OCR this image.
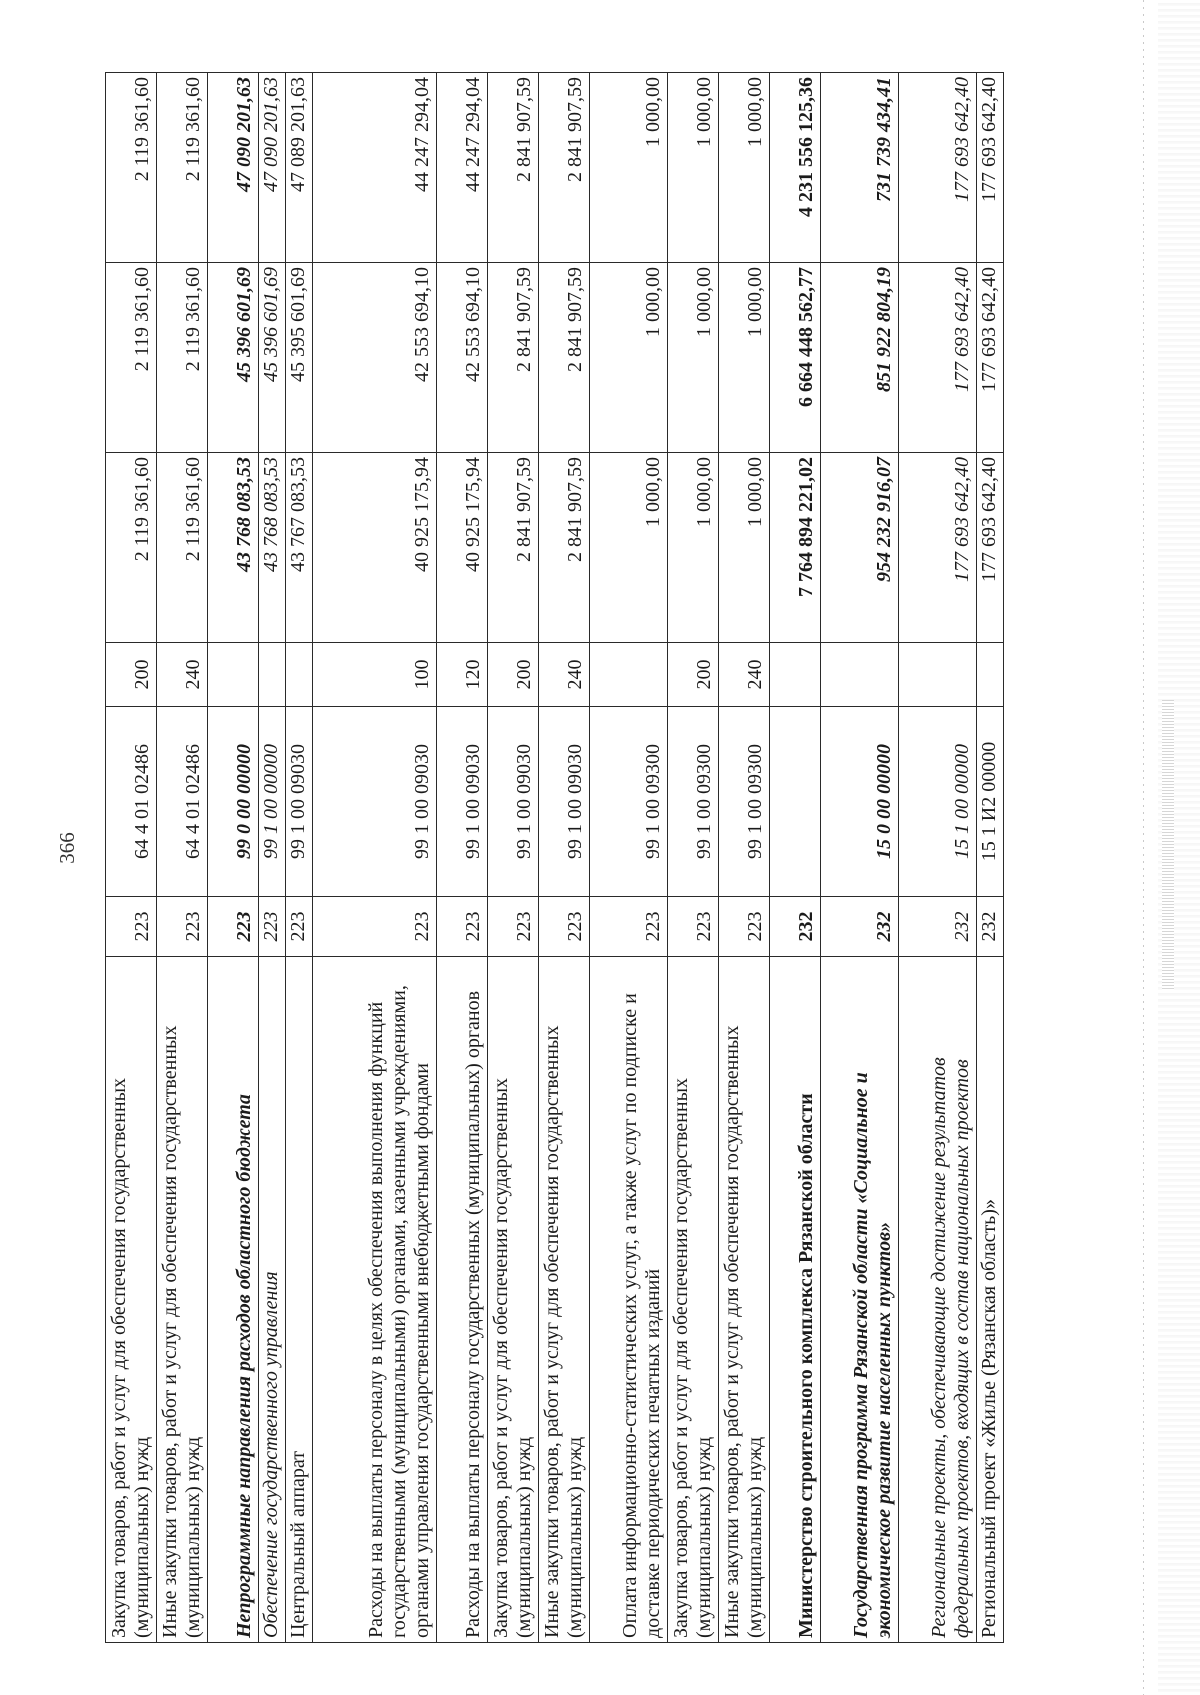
366
Закупка товаров, работ и услуг для обеспечения государственных (муниципальных) нужд	223	64 4 01 02486	200	2 119 361,60	2 119 361,60	2 119 361,60
Иные закупки товаров, работ и услуг для обеспечения государственных (муниципальных) нужд	223	64 4 01 02486	240	2 119 361,60	2 119 361,60	2 119 361,60
Непрограммные направления расходов областного бюджета	223	99 0 00 00000		43 768 083,53	45 396 601,69	47 090 201,63
Обеспечение государственного управления	223	99 1 00 00000		43 768 083,53	45 396 601,69	47 090 201,63
Центральный аппарат	223	99 1 00 09030		43 767 083,53	45 395 601,69	47 089 201,63
Расходы на выплаты персоналу в целях обеспечения выполнения функций государственными (муниципальными) органами, казенными учреждениями, органами управления государственными внебюджетными фондами	223	99 1 00 09030	100	40 925 175,94	42 553 694,10	44 247 294,04
Расходы на выплаты персоналу государственных (муниципальных) органов	223	99 1 00 09030	120	40 925 175,94	42 553 694,10	44 247 294,04
Закупка товаров, работ и услуг для обеспечения государственных (муниципальных) нужд	223	99 1 00 09030	200	2 841 907,59	2 841 907,59	2 841 907,59
Иные закупки товаров, работ и услуг для обеспечения государственных (муниципальных) нужд	223	99 1 00 09030	240	2 841 907,59	2 841 907,59	2 841 907,59
Оплата информационно-статистических услуг, а также услуг по подписке и доставке периодических печатных изданий	223	99 1 00 09300		1 000,00	1 000,00	1 000,00
Закупка товаров, работ и услуг для обеспечения государственных (муниципальных) нужд	223	99 1 00 09300	200	1 000,00	1 000,00	1 000,00
Иные закупки товаров, работ и услуг для обеспечения государственных (муниципальных) нужд	223	99 1 00 09300	240	1 000,00	1 000,00	1 000,00
Министерство строительного комплекса Рязанской области	232			7 764 894 221,02	6 664 448 562,77	4 231 556 125,36
Государственная программа Рязанской области «Социальное и экономическое развитие населенных пунктов»	232	15 0 00 00000		954 232 916,07	851 922 804,19	731 739 434,41
Региональные проекты, обеспечивающие достижение результатов федеральных проектов, входящих в состав национальных проектов	232	15 1 00 00000		177 693 642,40	177 693 642,40	177 693 642,40
Региональный проект «Жилье (Рязанская область)»	232	15 1 И2 00000		177 693 642,40	177 693 642,40	177 693 642,40
